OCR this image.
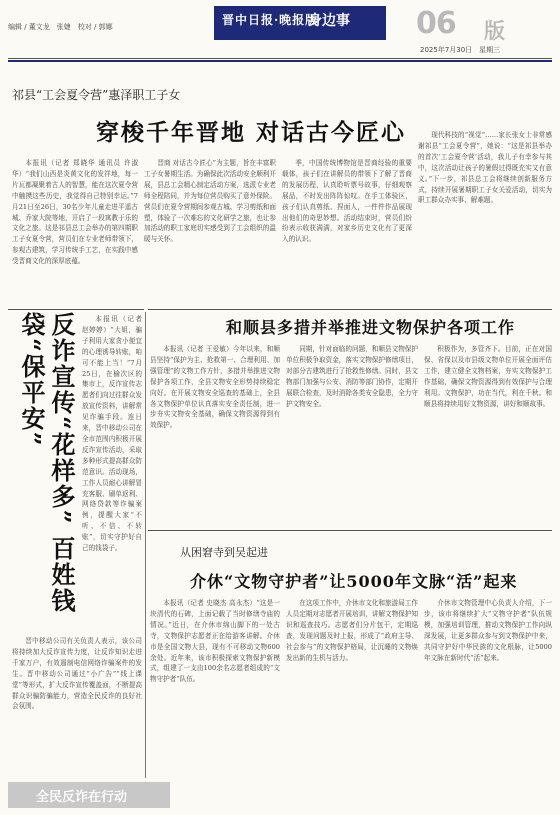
编辑 / 董文龙　张婕　校对 / 郭娜	晋中日报·晚报版
身边事 06 版
2025年7月30日　星期三
祁县“工会夏令营”惠泽职工子女
穿梭千年晋地 对话古今匠心
本报讯（记者 郑晓华 通讯员 许淑华）“我们山西是炎黄文化的发祥地，每一片瓦都凝聚着古人的智慧，能在这次夏令营中触摸这些历史，我觉得自己特别幸运。”7月21日至26日，30名少年儿童走进平遥古城、乔家大院等地，开启了一段寓教于乐的文化之旅。这是祁县总工会举办的第四期职工子女夏令营，营员们在专业老师带领下，参观古建筑，学习传统手工艺，在实践中感受晋商文化的深厚底蕴。
晋商 对话古今匠心”为主题，旨在丰富职工子女暑期生活。为确保此次活动安全顺利开展，县总工会精心制定活动方案，选派专业老师全程陪同，并为每位营员购买了意外保险。营员们在夏令营期间参观古城、学习剪纸和面塑，体验了一次难忘的文化研学之旅，也让参加活动的职工家庭切实感受到了工会组织的温暖与关怀。
季，中国传统博物馆是晋商经验的重要载体，孩子们在讲解员的带领下了解了晋商的发展历程，认真聆听票号故事，仔细观察展品，不时发出阵阵惊叹。在手工体验区，孩子们认真剪纸、捏面人，一件件作品展现出他们的奇思妙想。活动结束时，营员们纷纷表示收获满满，对家乡历史文化有了更深入的认识。
现代科技的“视觉”……家长张女士非常感谢祁县“工会夏令营”，她说：“这是祁县举办的首次‘工会夏令营’活动，我儿子有幸参与其中，这次活动让孩子的暑假过得既充实又有意义。”下一步，祁县总工会将继续创新服务方式，持续开展暑期职工子女关爱活动，切实为职工群众办实事、解难题。
反诈宣传“花样多” 百姓钱袋“保平安”	本报讯（记者 赵婷婷）“大姐，骗子利用大家贪小便宜的心理诱导转账，咱可不能上当！”7月25日，在榆次区的集市上，反诈宣传志愿者们向过往群众发放宣传资料，讲解常见诈骗手段。连日来，晋中移动公司在全市范围内积极开展反诈宣传活动，采取多种形式提高群众防范意识。活动现场，工作人员耐心讲解冒充客服、刷单返利、网络贷款等诈骗案例，提醒大家“不听、不信、不转账”，切实守护好自己的钱袋子。
晋中移动公司有关负责人表示，该公司将持续加大反诈宣传力度，让反诈知识走进千家万户，有效遏制电信网络诈骗案件的发生。晋中移动公司通过“小广告”“线上课堂”等形式，扩大反诈宣传覆盖面，不断提高群众识骗防骗能力，营造全民反诈的良好社会氛围。
全民反诈在行动
和顺县多措并举推进文物保护各项工作
本报讯（记者 王爱敏）今年以来，和顺县坚持“保护为主、抢救第一、合理利用、加强管理”的文物工作方针，多措并举推进文物保护各项工作，全县文物安全形势持续稳定向好。在开展文物安全巡查的基础上，全县各文物保护单位认真落实安全责任制，进一步夯实文物安全基础，确保文物资源得到有效保护。
同期，针对面临的问题，和顺县文物保护单位积极争取资金，落实文物保护修缮项目，对部分古建筑进行了抢救性修缮。同时，县文物部门加强与公安、消防等部门协作，定期开展联合检查，及时消除各类安全隐患，全力守护文物安全。
积极作为，多管齐下。目前，正在对国保、省保以及市县级文物单位开展全面评估工作，建立健全文物档案，夯实文物保护工作基础，确保文物资源得到有效保护与合理利用。文物保护，功在当代，利在千秋。和顺县将持续用好文物资源，讲好和顺故事。
从困窘寺到吴起进
介休“文物守护者”让5000年文脉“活”起来
本报讯（记者 史晓杰 高永杰）“这是一块清代的石碑，上面记载了当时修缮寺庙的情况。”近日，在介休市绵山脚下的一处古寺，文物保护志愿者正在给游客讲解。介休市是全国文物大县，现有不可移动文物600余处。近年来，该市积极探索文物保护新模式，组建了一支由100余名志愿者组成的“文物守护者”队伍。
在这项工作中，介休市文化和旅游局工作人员定期对志愿者开展培训，讲解文物保护知识和巡查技巧。志愿者们分片包干，定期巡查，发现问题及时上报，形成了“政府主导、社会参与”的文物保护格局，让沉睡的文物焕发出新的生机与活力。
介休市文物管理中心负责人介绍，下一步，该市将继续扩大“文物守护者”队伍规模，加强培训管理，推动文物保护工作向纵深发展，让更多群众参与到文物保护中来，共同守护好中华民族的文化根脉，让5000年文脉在新时代“活”起来。
